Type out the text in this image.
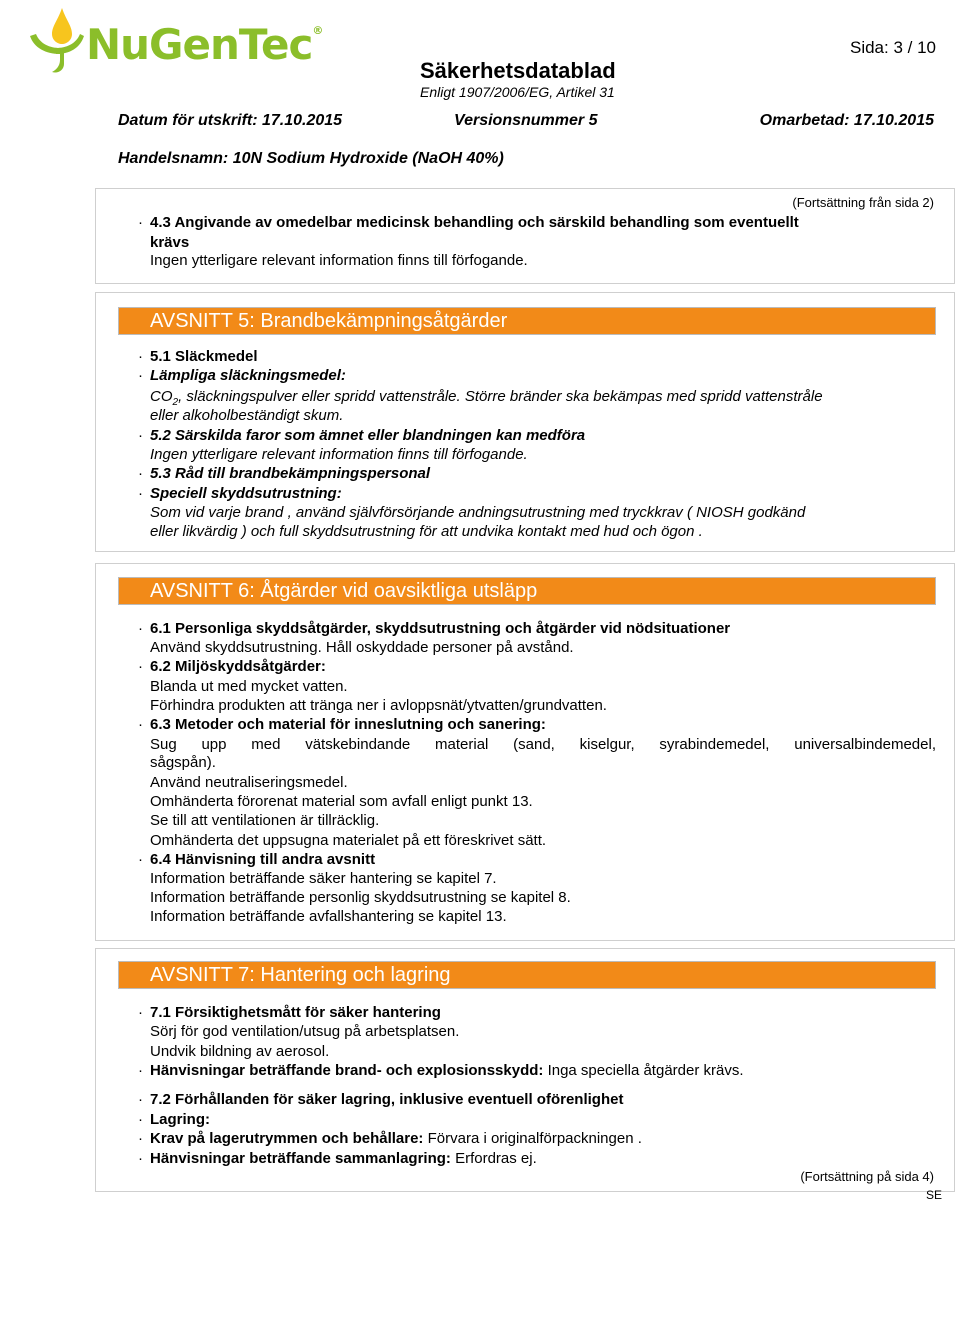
NuGenTec®
Sida: 3 / 10
Säkerhetsdatablad
Enligt 1907/2006/EG, Artikel 31
Datum för utskrift: 17.10.2015	Versionsnummer 5	Omarbetad: 17.10.2015
Handelsnamn: 10N Sodium Hydroxide (NaOH 40%)
(Fortsättning från sida 2)
· 4.3 Angivande av omedelbar medicinsk behandling och särskild behandling som eventuellt
krävs
Ingen ytterligare relevant information finns till förfogande.
AVSNITT 5: Brandbekämpningsåtgärder
· 5.1 Släckmedel
· Lämpliga släckningsmedel:
$CO_2$, släckningspulver eller spridd vattenstråle. Större bränder ska bekämpas med spridd vattenstråle
eller alkoholbeständigt skum.
· 5.2 Särskilda faror som ämnet eller blandningen kan medföra
Ingen ytterligare relevant information finns till förfogande.
· 5.3 Råd till brandbekämpningspersonal
· Speciell skyddsutrustning:
Som vid varje brand , använd självförsörjande andningsutrustning med tryckkrav ( NIOSH godkänd
eller likvärdig ) och full skyddsutrustning för att undvika kontakt med hud och ögon .
AVSNITT 6: Åtgärder vid oavsiktliga utsläpp
· 6.1 Personliga skyddsåtgärder, skyddsutrustning och åtgärder vid nödsituationer
Använd skyddsutrustning. Håll oskyddade personer på avstånd.
· 6.2 Miljöskyddsåtgärder:
Blanda ut med mycket vatten.
Förhindra produkten att tränga ner i avloppsnät/ytvatten/grundvatten.
· 6.3 Metoder och material för inneslutning och sanering:
Sug upp med vätskebindande material (sand, kiselgur, syrabindemedel, universalbindemedel,
sågspån).
Använd neutraliseringsmedel.
Omhänderta förorenat material som avfall enligt punkt 13.
Se till att ventilationen är tillräcklig.
Omhänderta det uppsugna materialet på ett föreskrivet sätt.
· 6.4 Hänvisning till andra avsnitt
Information beträffande säker hantering se kapitel 7.
Information beträffande personlig skyddsutrustning se kapitel 8.
Information beträffande avfallshantering se kapitel 13.
AVSNITT 7: Hantering och lagring
· 7.1 Försiktighetsmått för säker hantering
Sörj för god ventilation/utsug på arbetsplatsen.
Undvik bildning av aerosol.
· Hänvisningar beträffande brand- och explosionsskydd: Inga speciella åtgärder krävs.
· 7.2 Förhållanden för säker lagring, inklusive eventuell oförenlighet
· Lagring:
· Krav på lagerutrymmen och behållare: Förvara i originalförpackningen .
· Hänvisningar beträffande sammanlagring: Erfordras ej.
(Fortsättning på sida 4)
SE
